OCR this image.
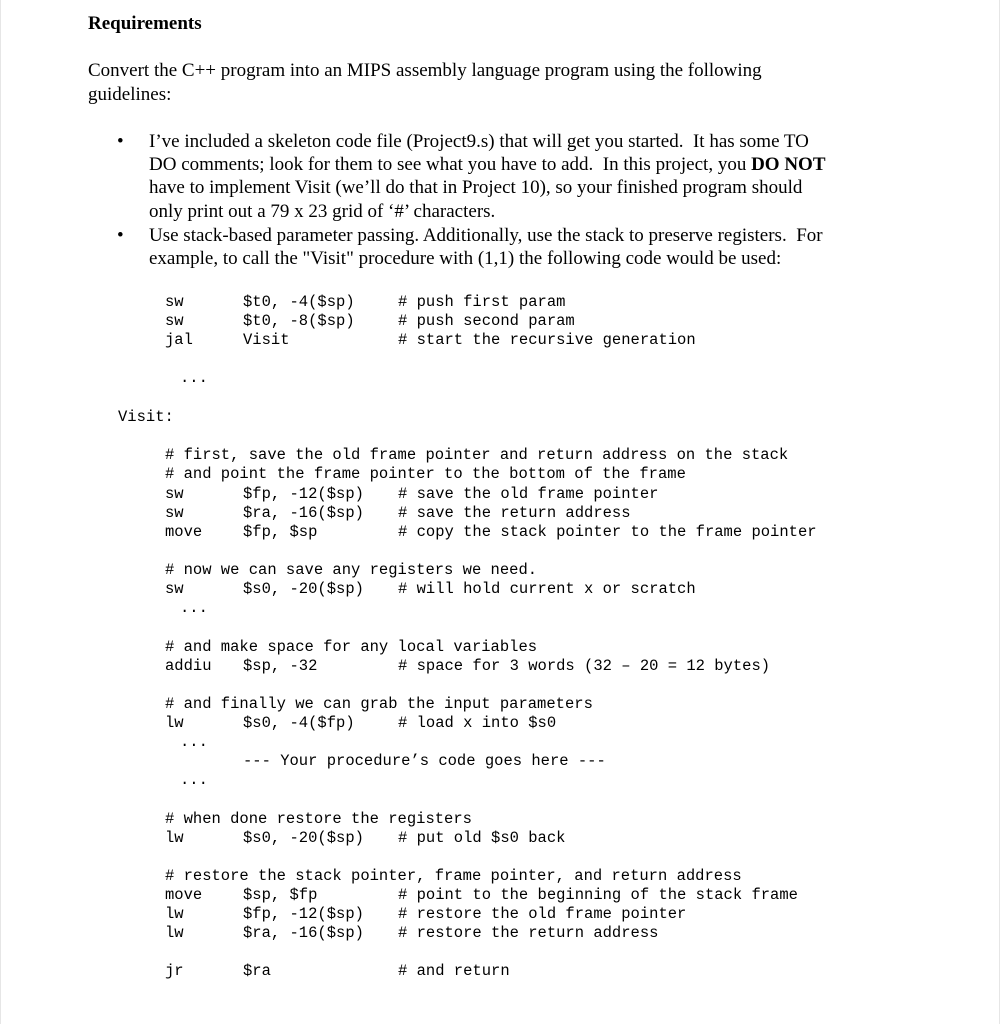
Requirements
Convert the C++ program into an MIPS assembly language program using the following
guidelines:
• I’ve included a skeleton code file (Project9.s) that will get you started.  It has some TO
DO comments; look for them to see what you have to add.  In this project, you DO NOT
have to implement Visit (we’ll do that in Project 10), so your finished program should
only print out a 79 x 23 grid of ‘#’ characters.
• Use stack-based parameter passing. Additionally, use the stack to preserve registers.  For
example, to call the "Visit" procedure with (1,1) the following code would be used:
sw	$t0, -4($sp)	# push first param
sw	$t0, -8($sp)	# push second param
jal	Visit	# start the recursive generation
...
Visit:
# first, save the old frame pointer and return address on the stack
# and point the frame pointer to the bottom of the frame
sw	$fp, -12($sp) # save the old frame pointer
sw	$ra, -16($sp) # save the return address
move	$fp, $sp	# copy the stack pointer to the frame pointer
# now we can save any registers we need.
sw	$s0, -20($sp) # will hold current x or scratch
...
# and make space for any local variables
addiu $sp, -32	# space for 3 words (32 – 20 = 12 bytes)
# and finally we can grab the input parameters
lw	$s0, -4($fp)	# load x into $s0
...
--- Your procedure’s code goes here ---
...
# when done restore the registers
lw	$s0, -20($sp) # put old $s0 back
# restore the stack pointer, frame pointer, and return address
move	$sp, $fp	# point to the beginning of the stack frame
lw	$fp, -12($sp) # restore the old frame pointer
lw	$ra, -16($sp) # restore the return address
jr	$ra	# and return
